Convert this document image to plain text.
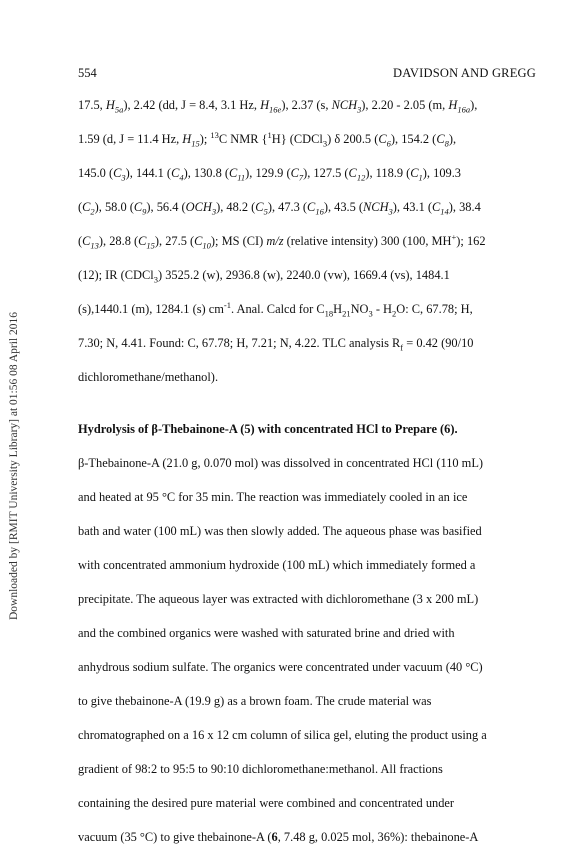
554	DAVIDSON AND GREGG
Downloaded by [RMIT University Library] at 01:56 08 April 2016
17.5, $H_{5a}$), 2.42 (dd, J = 8.4, 3.1 Hz, $H_{16e}$), 2.37 (s, $NCH_3$), 2.20 - 2.05 (m, $H_{16a}$),
1.59 (d, J = 11.4 Hz, $H_{15}$); $^{13}$C NMR {$^1$H} (CDCl$_3$) δ 200.5 $(C_6)$, 154.2 $(C_8)$,
145.0 $(C_3)$, 144.1 $(C_4)$, 130.8 $(C_{11})$, 129.9 $(C_7)$, 127.5 $(C_{12})$, 118.9 $(C_1)$, 109.3
$(C_2)$, 58.0 $(C_9)$, 56.4 $(OCH_3)$, 48.2 $(C_5)$, 47.3 $(C_{16})$, 43.5 $(NCH_3)$, 43.1 $(C_{14})$, 38.4
$(C_{13})$, 28.8 $(C_{15})$, 27.5 $(C_{10})$; MS (CI) m/z (relative intensity) 300 (100, MH+); 162
(12); IR (CDCl$_3$) 3525.2 (w), 2936.8 (w), 2240.0 (vw), 1669.4 (vs), 1484.1
(s),1440.1 (m), 1284.1 (s) $cm^{-1}$. Anal. Calcd for $C_{18}H_{21}NO_3 - H_2O$: C, 67.78; H,
7.30; N, 4.41. Found: C, 67.78; H, 7.21; N, 4.22. TLC analysis $R_f = 0.42$ (90/10
dichloromethane/methanol).
Hydrolysis of β-Thebainone-A (5) with concentrated HCl to Prepare (6).
β-Thebainone-A (21.0 g, 0.070 mol) was dissolved in concentrated HCl (110 mL)
and heated at 95 °C for 35 min. The reaction was immediately cooled in an ice
bath and water (100 mL) was then slowly added. The aqueous phase was basified
with concentrated ammonium hydroxide (100 mL) which immediately formed a
precipitate. The aqueous layer was extracted with dichloromethane (3 x 200 mL)
and the combined organics were washed with saturated brine and dried with
anhydrous sodium sulfate. The organics were concentrated under vacuum (40 °C)
to give thebainone-A (19.9 g) as a brown foam. The crude material was
chromatographed on a 16 x 12 cm column of silica gel, eluting the product using a
gradient of 98:2 to 95:5 to 90:10 dichloromethane:methanol. All fractions
containing the desired pure material were combined and concentrated under
vacuum (35 °C) to give thebainone-A (6, 7.48 g, 0.025 mol, 36%): thebainone-A
